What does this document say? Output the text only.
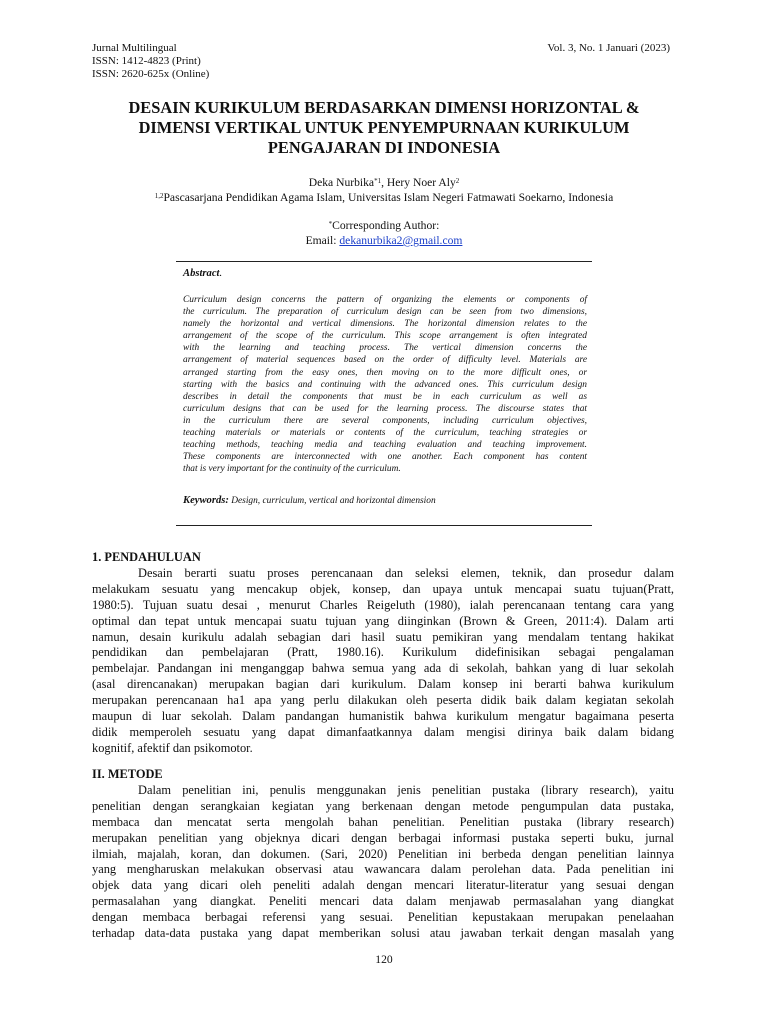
Jurnal Multilingual
ISSN: 1412-4823 (Print)
ISSN: 2620-625x (Online)
Vol. 3, No. 1 Januari (2023)
DESAIN KURIKULUM BERDASARKAN DIMENSI HORIZONTAL &
DIMENSI VERTIKAL UNTUK PENYEMPURNAAN KURIKULUM
PENGAJARAN DI INDONESIA
Deka Nurbika$^{*1}$, Hery Noer Aly$^2$
$^{1,2}$Pascasarjana Pendidikan Agama Islam, Universitas Islam Negeri Fatmawati Soekarno, Indonesia
*Corresponding Author:
Email: dekanurbika2@gmail.com
Abstract.
Curriculum design concerns the pattern of organizing the elements or components of
the curriculum. The preparation of curriculum design can be seen from two dimensions,
namely the horizontal and vertical dimensions. The horizontal dimension relates to the
arrangement of the scope of the curriculum. This scope arrangement is often integrated
with the learning and teaching process. The vertical dimension concerns the
arrangement of material sequences based on the order of difficulty level. Materials are
arranged starting from the easy ones, then moving on to the more difficult ones, or
starting with the basics and continuing with the advanced ones. This curriculum design
describes in detail the components that must be in each curriculum as well as
curriculum designs that can be used for the learning process. The discourse states that
in the curriculum there are several components, including curriculum objectives,
teaching materials or materials or contents of the curriculum, teaching strategies or
teaching methods, teaching media and teaching evaluation and teaching improvement.
These components are interconnected with one another. Each component has content
that is very important for the continuity of the curriculum.
Keywords: Design, curriculum, vertical and horizontal dimension
1. PENDAHULUAN
Desain berarti suatu proses perencanaan dan seleksi elemen, teknik, dan prosedur dalam
melakukam sesuatu yang mencakup objek, konsep, dan upaya untuk mencapai suatu tujuan(Pratt,
1980:5). Tujuan suatu desai , menurut Charles Reigeluth (1980), ialah perencanaan tentang cara yang
optimal dan tepat untuk mencapai suatu tujuan yang diinginkan (Brown & Green, 2011:4). Dalam arti
namun, desain kurikulu adalah sebagian dari hasil suatu pemikiran yang mendalam tentang hakikat
pendidikan dan pembelajaran (Pratt, 1980.16). Kurikulum didefinisikan sebagai pengalaman
pembelajar. Pandangan ini menganggap bahwa semua yang ada di sekolah, bahkan yang di luar sekolah
(asal direncanakan) merupakan bagian dari kurikulum. Dalam konsep ini berarti bahwa kurikulum
merupakan perencanaan ha1 apa yang perlu dilakukan oleh peserta didik baik dalam kegiatan sekolah
maupun di luar sekolah. Dalam pandangan humanistik bahwa kurikulum mengatur bagaimana peserta
didik memperoleh sesuatu yang dapat dimanfaatkannya dalam mengisi dirinya baik dalam bidang
kognitif, afektif dan psikomotor.
II. METODE
Dalam penelitian ini, penulis menggunakan jenis penelitian pustaka (library research), yaitu
penelitian dengan serangkaian kegiatan yang berkenaan dengan metode pengumpulan data pustaka,
membaca dan mencatat serta mengolah bahan penelitian. Penelitian pustaka (library research)
merupakan penelitian yang objeknya dicari dengan berbagai informasi pustaka seperti buku, jurnal
ilmiah, majalah, koran, dan dokumen. (Sari, 2020) Penelitian ini berbeda dengan penelitian lainnya
yang mengharuskan melakukan observasi atau wawancara dalam perolehan data. Pada penelitian ini
objek data yang dicari oleh peneliti adalah dengan mencari literatur-literatur yang sesuai dengan
permasalahan yang diangkat. Peneliti mencari data dalam menjawab permasalahan yang diangkat
dengan membaca berbagai referensi yang sesuai. Penelitian kepustakaan merupakan penelaahan
terhadap data-data pustaka yang dapat memberikan solusi atau jawaban terkait dengan masalah yang
120
